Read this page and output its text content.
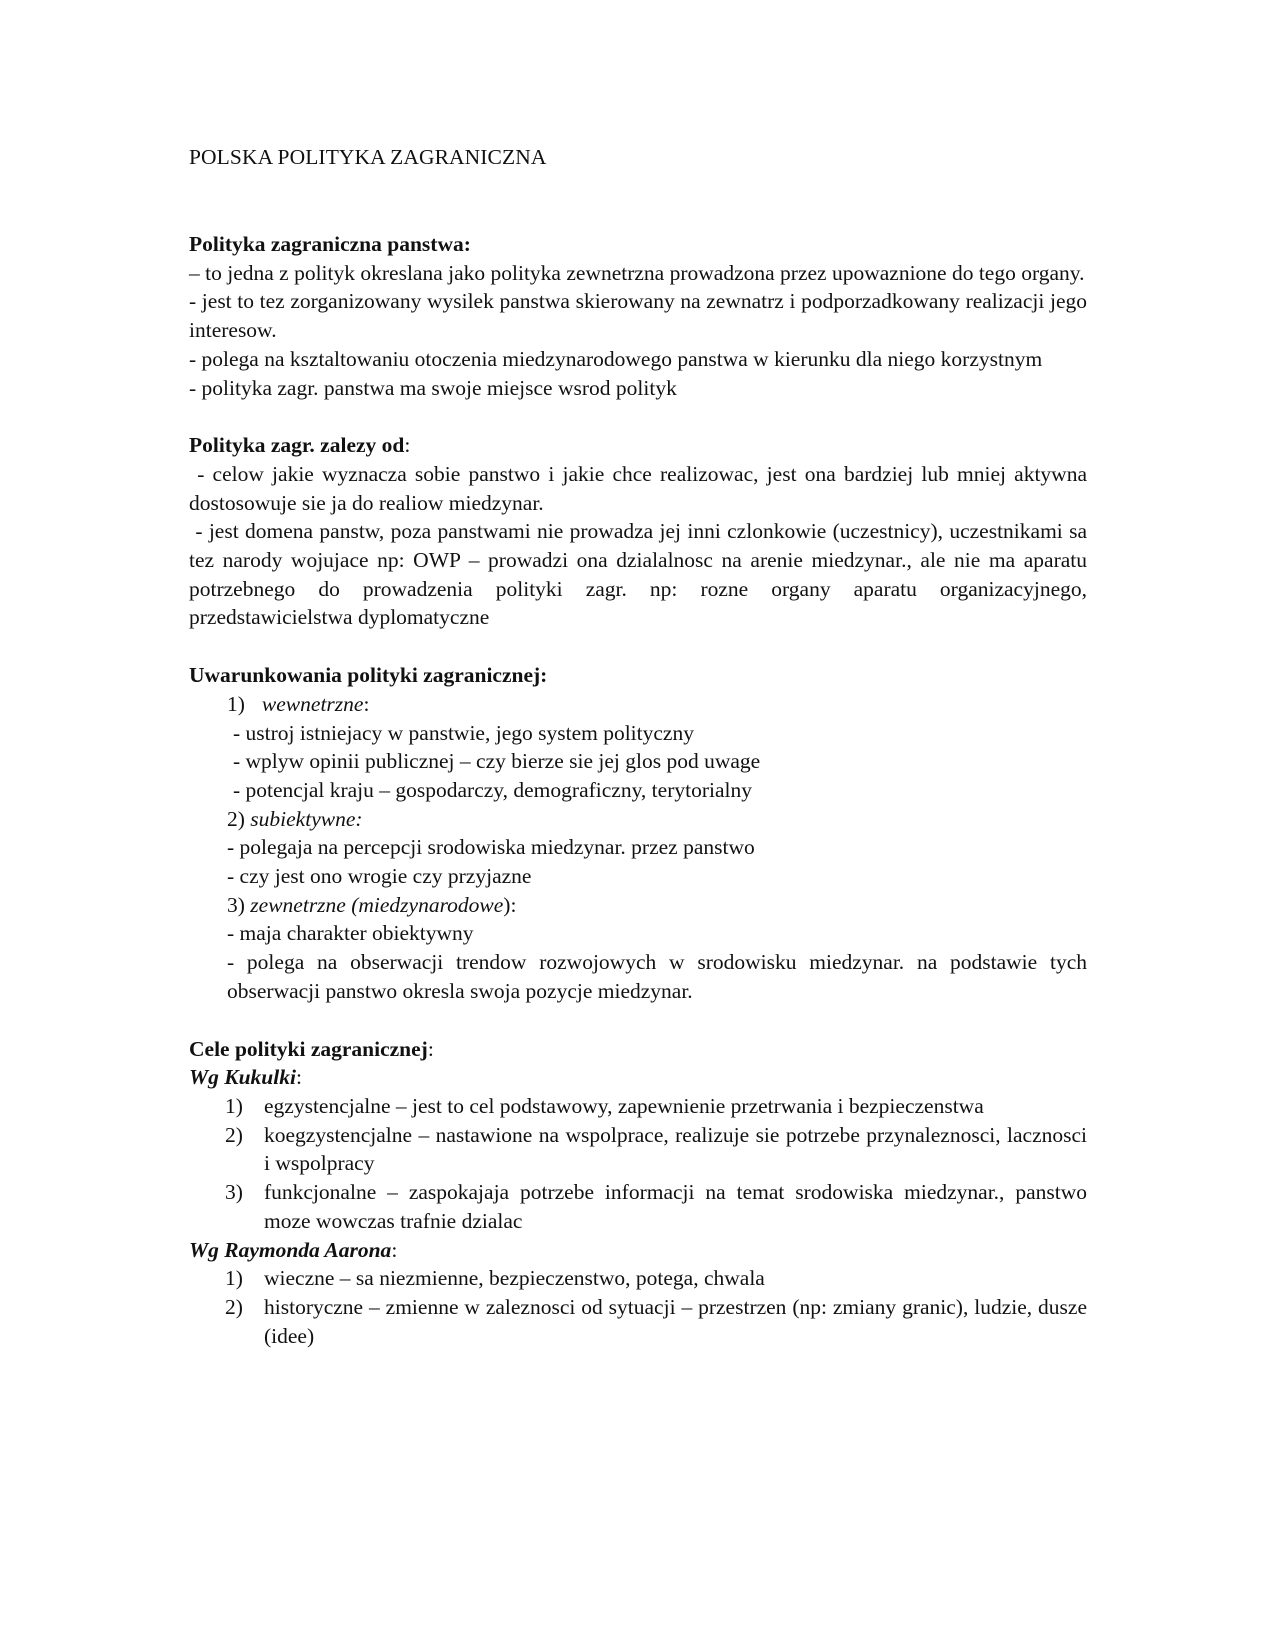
POLSKA POLITYKA ZAGRANICZNA

Polityka zagraniczna panstwa:

– to jedna z polityk okreslana jako polityka zewnetrzna prowadzona przez upowaznione do tego organy.

- jest to tez zorganizowany wysilek panstwa skierowany na zewnatrz i podporzadkowany realizacji jego interesow.

- polega na ksztaltowaniu otoczenia miedzynarodowego panstwa w kierunku dla niego korzystnym

- polityka zagr. panstwa ma swoje miejsce wsrod polityk

Polityka zagr. zalezy od:

- celow jakie wyznacza sobie panstwo i jakie chce realizowac, jest ona bardziej lub mniej aktywna dostosowuje sie ja do realiow miedzynar.

- jest domena panstw, poza panstwami nie prowadza jej inni czlonkowie (uczestnicy), uczestnikami sa tez narody wojujace np: OWP – prowadzi ona dzialalnosc na arenie miedzynar., ale nie ma aparatu potrzebnego do prowadzenia polityki zagr. np: rozne organy aparatu organizacyjnego, przedstawicielstwa dyplomatyczne

Uwarunkowania polityki zagranicznej:

1) wewnetrzne:

- ustroj istniejacy w panstwie, jego system polityczny

- wplyw opinii publicznej – czy bierze sie jej glos pod uwage

- potencjal kraju – gospodarczy, demograficzny, terytorialny

2) subiektywne:

- polegaja na percepcji srodowiska miedzynar. przez panstwo

- czy jest ono wrogie czy przyjazne

3) zewnetrzne (miedzynarodowe):

- maja charakter obiektywny

- polega na obserwacji trendow rozwojowych w srodowisku miedzynar. na podstawie tych obserwacji panstwo okresla swoja pozycje miedzynar.

Cele polityki zagranicznej:

Wg Kukulki:

1) egzystencjalne – jest to cel podstawowy, zapewnienie przetrwania i bezpieczenstwa
2) koegzystencjalne – nastawione na wspolprace, realizuje sie potrzebe przynaleznosci, lacznosci i wspolpracy
3) funkcjonalne – zaspokajaja potrzebe informacji na temat srodowiska miedzynar., panstwo moze wowczas trafnie dzialac

Wg Raymonda Aarona:

1) wieczne – sa niezmienne, bezpieczenstwo, potega, chwala
2) historyczne – zmienne w zaleznosci od sytuacji – przestrzen (np: zmiany granic), ludzie, dusze (idee)
